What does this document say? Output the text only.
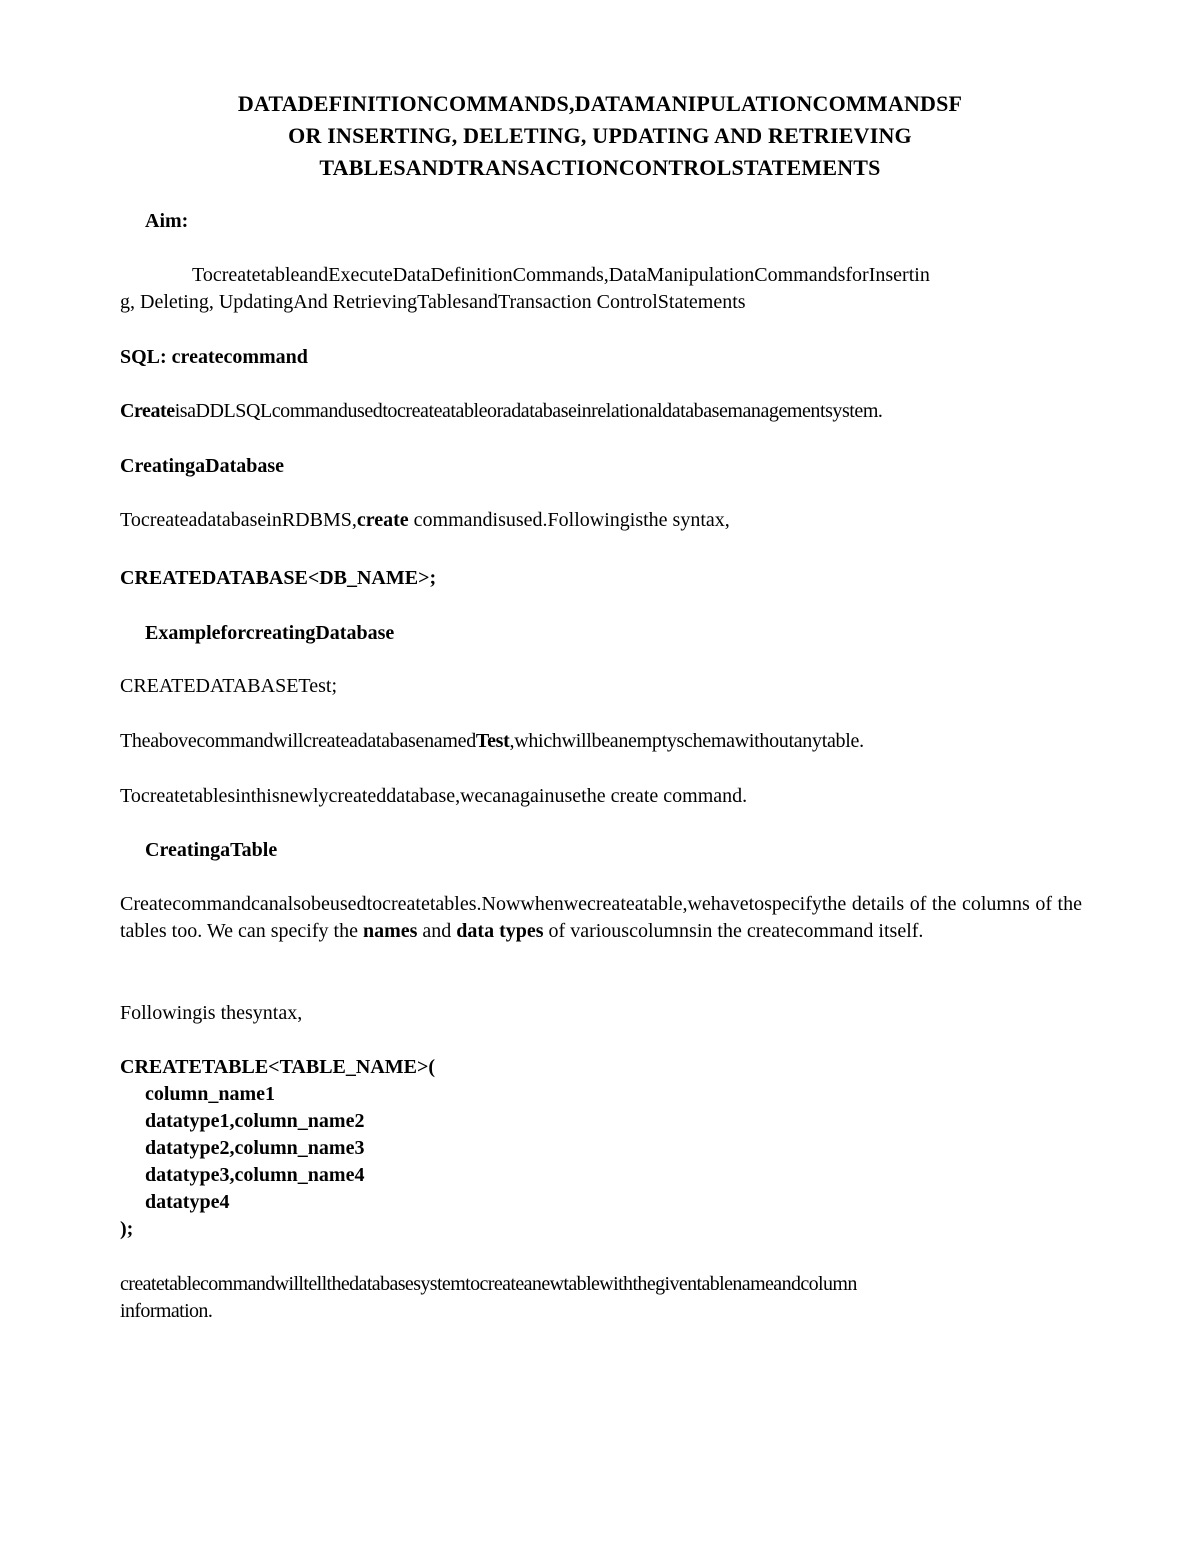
DATADEFINITIONCOMMANDS,DATAMANIPULATIONCOMMANDSF
OR INSERTING, DELETING, UPDATING AND RETRIEVING
TABLESANDTRANSACTIONCONTROLSTATEMENTS
Aim:
TocreatetableandExecuteDataDefinitionCommands,DataManipulationCommandsforInsertin
g, Deleting, UpdatingAnd RetrievingTablesandTransaction ControlStatements
SQL: createcommand
CreateisaDDLSQLcommandusedtocreateatableoradatabaseinrelationaldatabasemanagementsystem.
CreatingaDatabase
TocreateadatabaseinRDBMS,create commandisused.Followingisthe syntax,
CREATEDATABASE<DB_NAME>;
ExampleforcreatingDatabase
CREATEDATABASETest;
TheabovecommandwillcreateadatabasenamedTest,whichwillbeanemptyschemawithoutanytable.
Tocreatetablesinthisnewlycreateddatabase,wecanagainusethe create command.
CreatingaTable
Createcommandcanalsobeusedtocreatetables.Nowwhenwecreateatable,wehavetospecifythe details of the columns of the tables too. We can specify the names and data types of variouscolumnsin the createcommand itself.
Followingis thesyntax,
CREATETABLE<TABLE_NAME>(
column_name1
datatype1,column_name2
datatype2,column_name3
datatype3,column_name4
datatype4
);
createtablecommandwilltellthedatabasesystemtocreateanewtablewiththegiventablenameandcolumn
information.
